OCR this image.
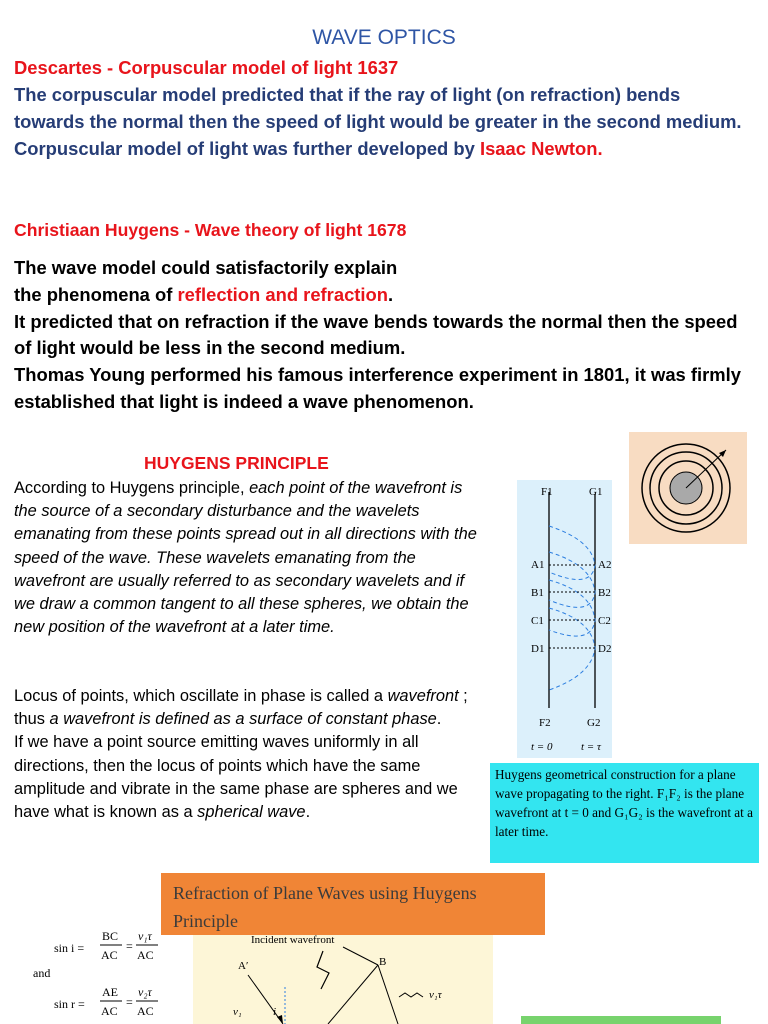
WAVE OPTICS
Descartes - Corpuscular model of light 1637
The corpuscular model predicted that if the ray of light (on refraction) bends towards the normal then the speed of light would be greater in the second medium.
Corpuscular model of light was further developed by Isaac Newton.
Christiaan Huygens - Wave theory of light 1678
The wave model could satisfactorily explain
the phenomena of reflection and refraction.
It predicted that on refraction if the wave bends towards the normal then the speed of light would be less in the second medium.
Thomas Young performed his famous interference experiment in 1801, it was firmly established that light is indeed a wave phenomenon.
HUYGENS PRINCIPLE
According to Huygens principle, each point of the wavefront is the source of a secondary disturbance and the wavelets emanating from these points spread out in all directions with the speed of the wave. These wavelets emanating from the wavefront are usually referred to as secondary wavelets and if we draw a common tangent to all these spheres, we obtain the new position of the wavefront at a later time.
Locus of points, which oscillate in phase is called a wavefront ; thus a wavefront is defined as a surface of constant phase.
If we have a point source emitting waves uniformly in all directions, then the locus of points which have the same amplitude and vibrate in the same phase are spheres and we have what is known as a spherical wave.
F1	G1
A1
B1
C1
D1
A2
B2
C2
D2
F2	G2
t = 0	t = τ
Huygens geometrical construction for a plane wave propagating to the right. F₁F₂ is the plane wavefront at t = 0 and G₁G₂ is the wavefront at a later time.
Refraction of Plane Waves using Huygens Principle
sin i =
BC
AC
=
v₁τ
AC
and
sin r =
AE
AC
=
v₂τ
AC
Incident wavefront
A′	B
v₁	i
v₁τ
